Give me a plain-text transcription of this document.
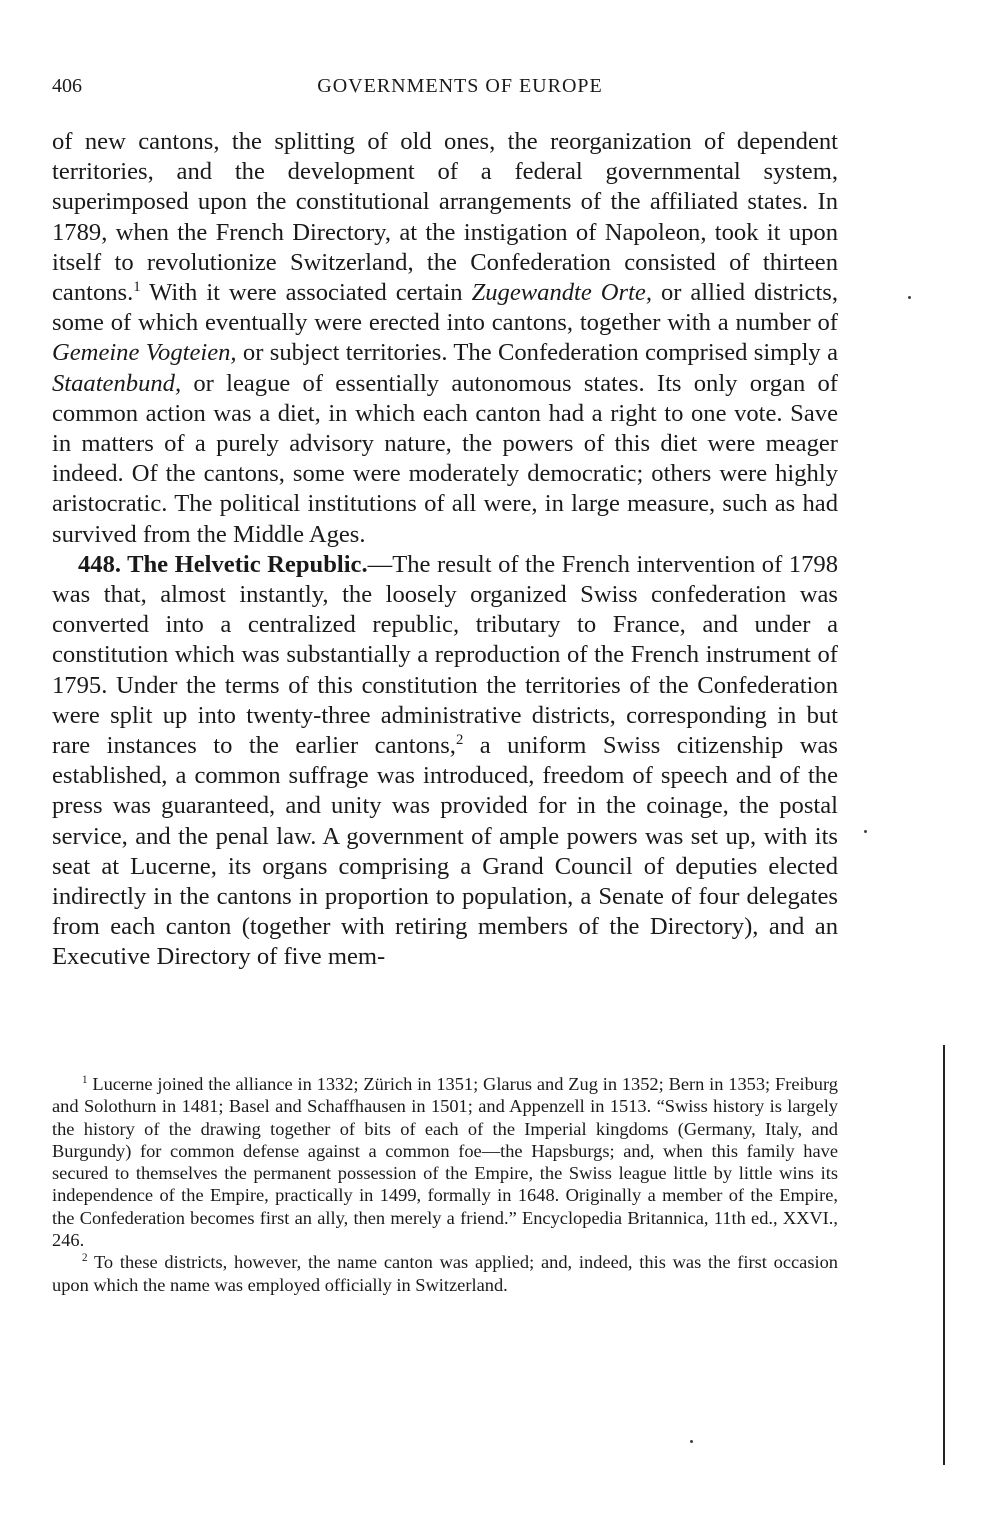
406	GOVERNMENTS OF EUROPE

of new cantons, the splitting of old ones, the reorganization of dependent territories, and the development of a federal governmental system, superimposed upon the constitutional arrangements of the affiliated states. In 1789, when the French Directory, at the instigation of Napoleon, took it upon itself to revolutionize Switzerland, the Confederation consisted of thirteen cantons.$^1$ With it were associated certain Zugewandte Orte, or allied districts, some of which eventually were erected into cantons, together with a number of Gemeine Vogteien, or subject territories. The Confederation comprised simply a Staatenbund, or league of essentially autonomous states. Its only organ of common action was a diet, in which each canton had a right to one vote. Save in matters of a purely advisory nature, the powers of this diet were meager indeed. Of the cantons, some were moderately democratic; others were highly aristocratic. The political institutions of all were, in large measure, such as had survived from the Middle Ages.

448. The Helvetic Republic.—The result of the French intervention of 1798 was that, almost instantly, the loosely organized Swiss confederation was converted into a centralized republic, tributary to France, and under a constitution which was substantially a reproduction of the French instrument of 1795. Under the terms of this constitution the territories of the Confederation were split up into twenty-three administrative districts, corresponding in but rare instances to the earlier cantons,$^2$ a uniform Swiss citizenship was established, a common suffrage was introduced, freedom of speech and of the press was guaranteed, and unity was provided for in the coinage, the postal service, and the penal law. A government of ample powers was set up, with its seat at Lucerne, its organs comprising a Grand Council of deputies elected indirectly in the cantons in proportion to population, a Senate of four delegates from each canton (together with retiring members of the Directory), and an Executive Directory of five mem-

$^1$ Lucerne joined the alliance in 1332; Zürich in 1351; Glarus and Zug in 1352; Bern in 1353; Freiburg and Solothurn in 1481; Basel and Schaffhausen in 1501; and Appenzell in 1513. “Swiss history is largely the history of the drawing together of bits of each of the Imperial kingdoms (Germany, Italy, and Burgundy) for common defense against a common foe—the Hapsburgs; and, when this family have secured to themselves the permanent possession of the Empire, the Swiss league little by little wins its independence of the Empire, practically in 1499, formally in 1648. Originally a member of the Empire, the Confederation becomes first an ally, then merely a friend.” Encyclopedia Britannica, 11th ed., XXVI., 246.

$^2$ To these districts, however, the name canton was applied; and, indeed, this was the first occasion upon which the name was employed officially in Switzerland.
